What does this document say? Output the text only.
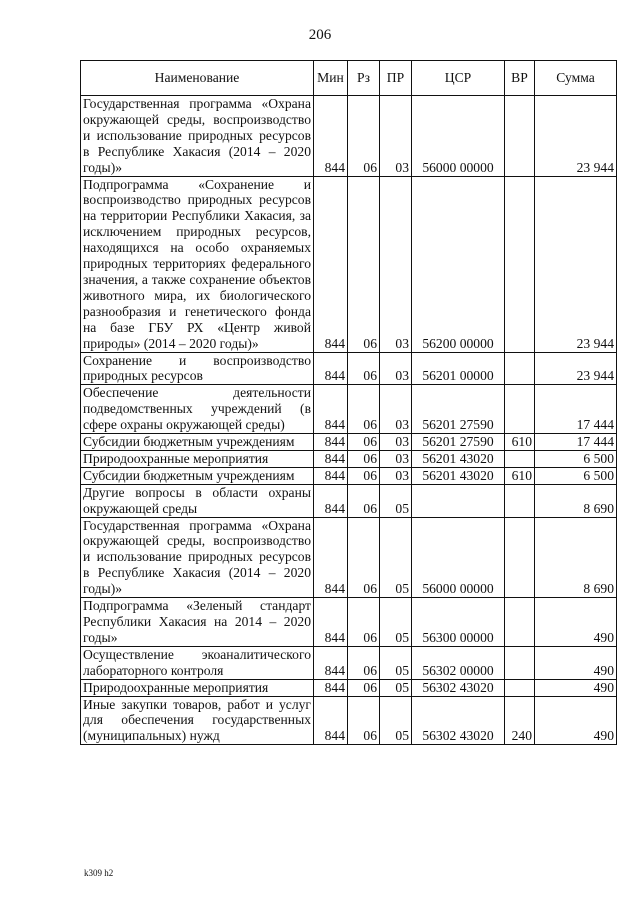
206
Наименование	Мин	Рз	ПР	ЦСР	ВР	Сумма
Государственная программа «Охрана окружающей среды, воспроизводство и использование природных ресурсов в Республике Хакасия (2014 – 2020 годы)»	844	06	03	56000 00000		23 944
Подпрограмма «Сохранение и воспроизводство природных ресурсов на территории Республики Хакасия, за исключением природных ресурсов, находящихся на особо охраняемых природных территориях федерального значения, а также сохранение объектов животного мира, их биологического разнообразия и генетического фонда на базе ГБУ РХ «Центр живой природы» (2014 – 2020 годы)»	844	06	03	56200 00000		23 944
Сохранение и воспроизводство природных ресурсов	844	06	03	56201 00000		23 944
Обеспечение деятельности подведомственных учреждений (в сфере охраны окружающей среды)	844	06	03	56201 27590		17 444
Субсидии бюджетным учреждениям	844	06	03	56201 27590	610	17 444
Природоохранные мероприятия	844	06	03	56201 43020		6 500
Субсидии бюджетным учреждениям	844	06	03	56201 43020	610	6 500
Другие вопросы в области охраны окружающей среды	844	06	05			8 690
Государственная программа «Охрана окружающей среды, воспроизводство и использование природных ресурсов в Республике Хакасия (2014 – 2020 годы)»	844	06	05	56000 00000		8 690
Подпрограмма «Зеленый стандарт Республики Хакасия на 2014 – 2020 годы»	844	06	05	56300 00000		490
Осуществление экоаналитического лабораторного контроля	844	06	05	56302 00000		490
Природоохранные мероприятия	844	06	05	56302 43020		490
Иные закупки товаров, работ и услуг для обеспечения государственных (муниципальных) нужд	844	06	05	56302 43020	240	490
k309 h2
